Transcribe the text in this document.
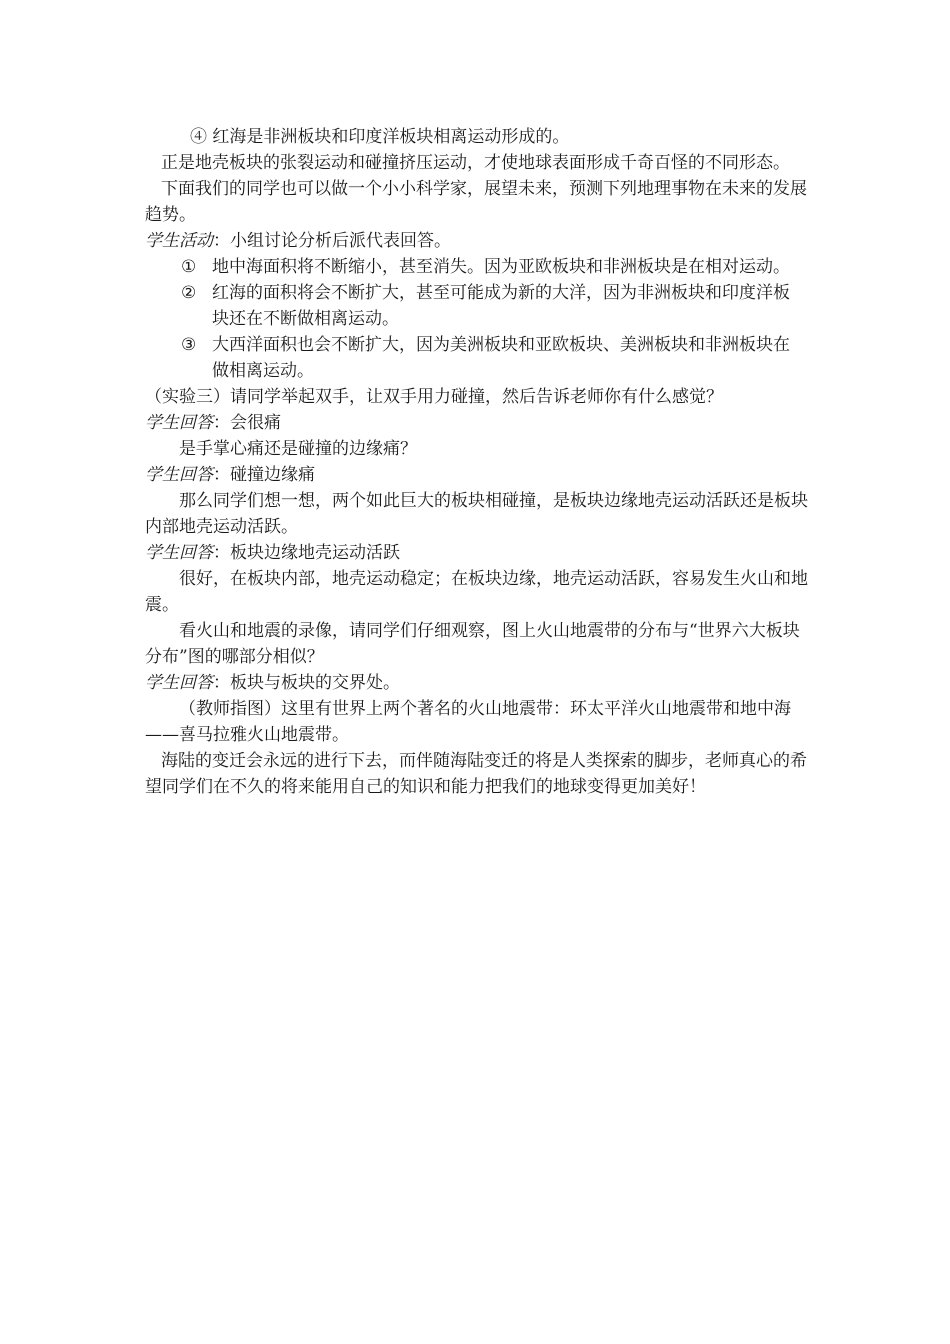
④ 红海是非洲板块和印度洋板块相离运动形成的。

正是地壳板块的张裂运动和碰撞挤压运动，才使地球表面形成千奇百怪的不同形态。

下面我们的同学也可以做一个小小科学家，展望未来，预测下列地理事物在未来的发展趋势。

学生活动：小组讨论分析后派代表回答。

① 地中海面积将不断缩小，甚至消失。因为亚欧板块和非洲板块是在相对运动。

② 红海的面积将会不断扩大，甚至可能成为新的大洋，因为非洲板块和印度洋板块还在不断做相离运动。

③ 大西洋面积也会不断扩大，因为美洲板块和亚欧板块、美洲板块和非洲板块在做相离运动。

（实验三）请同学举起双手，让双手用力碰撞，然后告诉老师你有什么感觉？

学生回答：会很痛

是手掌心痛还是碰撞的边缘痛？

学生回答：碰撞边缘痛

那么同学们想一想，两个如此巨大的板块相碰撞，是板块边缘地壳运动活跃还是板块内部地壳运动活跃。

学生回答：板块边缘地壳运动活跃

很好，在板块内部，地壳运动稳定；在板块边缘，地壳运动活跃，容易发生火山和地震。

看火山和地震的录像，请同学们仔细观察，图上火山地震带的分布与“世界六大板块分布”图的哪部分相似？

学生回答：板块与板块的交界处。

（教师指图）这里有世界上两个著名的火山地震带：环太平洋火山地震带和地中海——喜马拉雅火山地震带。

海陆的变迁会永远的进行下去，而伴随海陆变迁的将是人类探索的脚步，老师真心的希望同学们在不久的将来能用自己的知识和能力把我们的地球变得更加美好！
